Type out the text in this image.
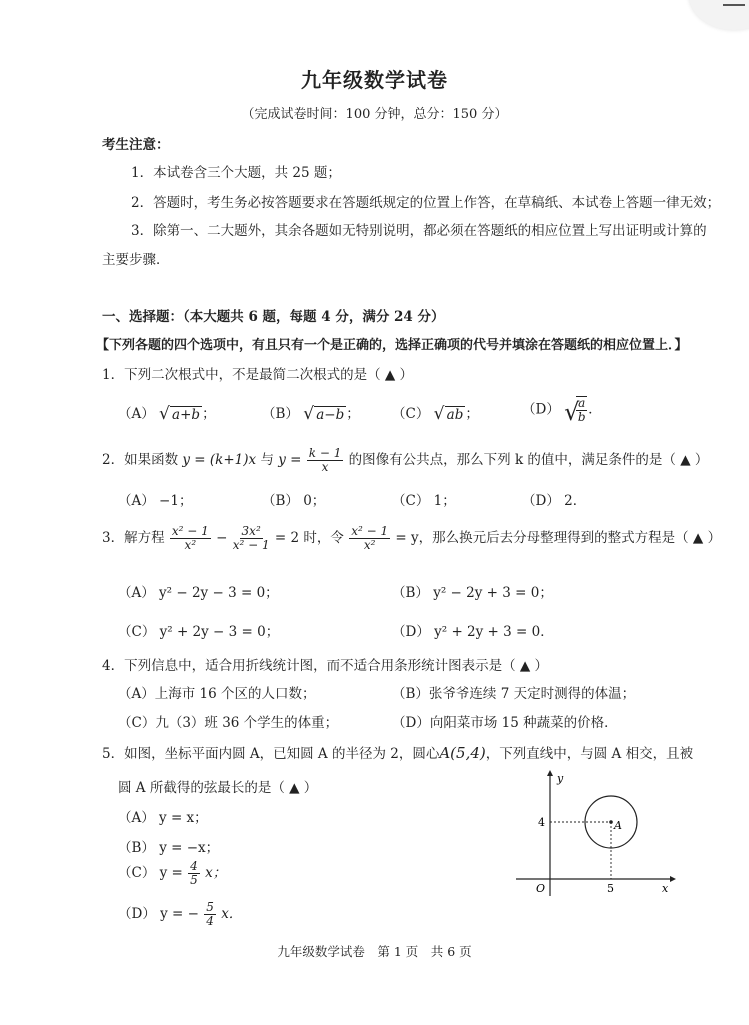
九年级数学试卷
（完成试卷时间：100 分钟，总分：150 分）
考生注意：
1．本试卷含三个大题，共 25 题；
2．答题时，考生务必按答题要求在答题纸规定的位置上作答，在草稿纸、本试卷上答题一律无效；
3．除第一、二大题外，其余各题如无特别说明，都必须在答题纸的相应位置上写出证明或计算的
主要步骤．
一、选择题：（本大题共 6 题，每题 4 分，满分 24 分）
【下列各题的四个选项中，有且只有一个是正确的，选择正确项的代号并填涂在答题纸的相应位置上．】
1．下列二次根式中，不是最简二次根式的是（ ▲ ）
（A） √ a+b ；	（B） √ a−b ； （C） √ ab ；	（D） √
$\frac{a}{b}$ ．
2．如果函数 y = (k+1)x 与 $y = \frac{k - 1}{x}$ 的图像有公共点，那么下列 k 的值中，满足条件的是（ ▲ ）
（A） −1；	（B） 0；	（C） 1；	（D） 2．
3．解方程 $\frac{\text{x² − 1}}{\text{x²}} - \frac{\text{3x²}}{\text{x² − 1}} = 2$ 时，令 $\frac{\text{x² − 1}}{\text{x²}} = y$，那么换元后去分母整理得到的整式方程是（ ▲ ）
（A） y² − 2y − 3 = 0；	（B） y² − 2y + 3 = 0；
（C） y² + 2y − 3 = 0；	（D） y² + 2y + 3 = 0．
4．下列信息中，适合用折线统计图，而不适合用条形统计图表示是（ ▲ ）
（A）上海市 16 个区的人口数；	（B）张爷爷连续 7 天定时测得的体温；
（C）九（3）班 36 个学生的体重；	（D）向阳菜市场 15 种蔬菜的价格．
5．如图，坐标平面内圆 A，已知圆 A 的半径为 2，圆心A(5,4)，下列直线中，与圆 A 相交，且被
圆 A 所截得的弦最长的是（ ▲ ）
（A） y = x；
（B） y = −x；
（C） $y = \frac{4}{5}$ x；
（D） y = − $\frac{5}{4}$ x．
y
x
O
4
5
A
九年级数学试卷　第 1 页　共 6 页
